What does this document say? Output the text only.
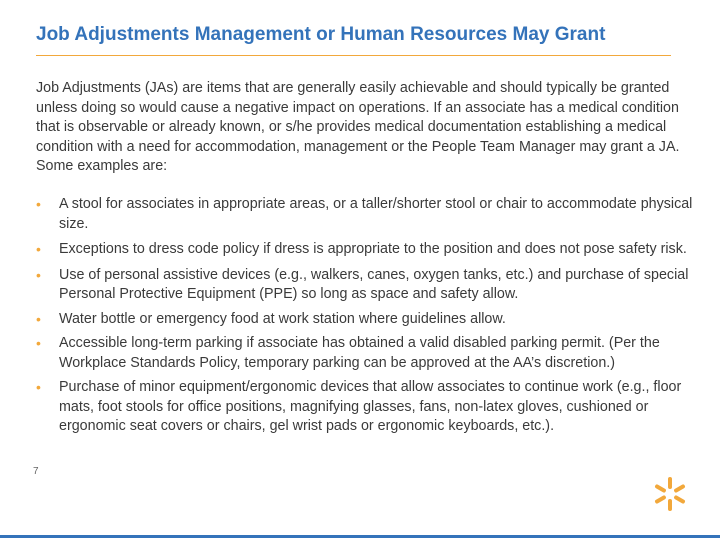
Job Adjustments Management or Human Resources May Grant
Job Adjustments (JAs) are items that are generally easily achievable and should typically be granted unless doing so would cause a negative impact on operations. If an associate has a medical condition that is observable or already known, or s/he provides medical documentation establishing a medical condition with a need for accommodation, management or the People Team Manager may grant a JA. Some examples are:
• A stool for associates in appropriate areas, or a taller/shorter stool or chair to accommodate physical size.
• Exceptions to dress code policy if dress is appropriate to the position and does not pose safety risk.
• Use of personal assistive devices (e.g., walkers, canes, oxygen tanks, etc.) and purchase of special Personal Protective Equipment (PPE) so long as space and safety allow.
• Water bottle or emergency food at work station where guidelines allow.
• Accessible long-term parking if associate has obtained a valid disabled parking permit. (Per the Workplace Standards Policy, temporary parking can be approved at the AA’s discretion.)
• Purchase of minor equipment/ergonomic devices that allow associates to continue work (e.g., floor mats, foot stools for office positions, magnifying glasses, fans, non-latex gloves, cushioned or ergonomic seat covers or chairs, gel wrist pads or ergonomic keyboards, etc.).
7
